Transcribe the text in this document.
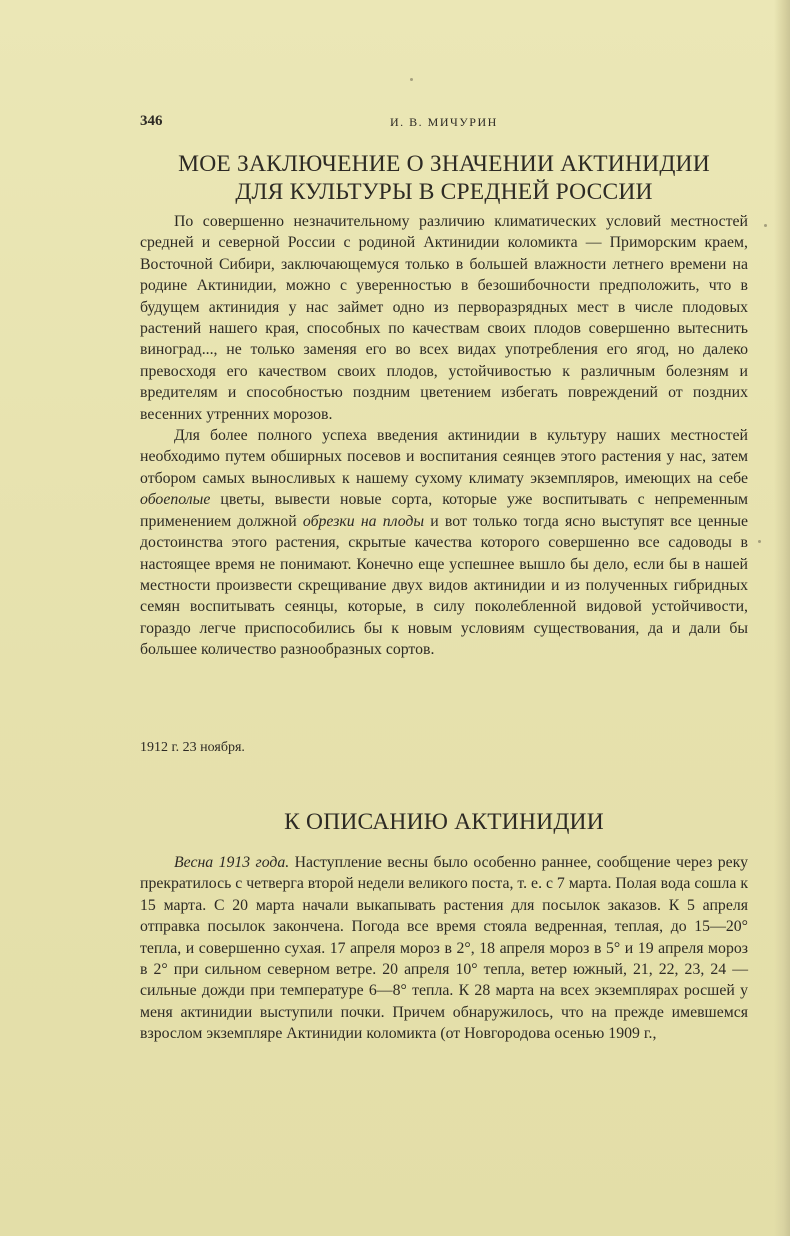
346	И. В. МИЧУРИН
МОЕ ЗАКЛЮЧЕНИЕ О ЗНАЧЕНИИ АКТИНИДИИ
ДЛЯ КУЛЬТУРЫ В СРЕДНЕЙ РОССИИ

По совершенно незначительному различию климатических условий местностей средней и северной России с родиной Актинидии коломикта — Приморским краем, Восточной Сибири, заключающемуся только в большей влажности летнего времени на родине Актинидии, можно с уверенностью в безошибочности предположить, что в будущем актинидия у нас займет одно из перворазрядных мест в числе плодовых растений нашего края, способных по качествам своих плодов совершенно вытеснить виноград..., не только заменяя его во всех видах употребления его ягод, но далеко превосходя его качеством своих плодов, устойчивостью к различным болезням и вредителям и способностью поздним цветением избегать повреждений от поздних весенних утренних морозов.

Для более полного успеха введения актинидии в культуру наших местностей необходимо путем обширных посевов и воспитания сеянцев этого растения у нас, затем отбором самых выносливых к нашему сухому климату экземпляров, имеющих на себе обоеполые цветы, вывести новые сорта, которые уже воспитывать с непременным применением должной обрезки на плоды и вот только тогда ясно выступят все ценные достоинства этого растения, скрытые качества которого совершенно все садоводы в настоящее время не понимают. Конечно еще успешнее вышло бы дело, если бы в нашей местности произвести скрещивание двух видов актинидии и из полученных гибридных семян воспитывать сеянцы, которые, в силу поколебленной видовой устойчивости, гораздо легче приспособились бы к новым условиям существования, да и дали бы большее количество разнообразных сортов.

1912 г. 23 ноября.
К ОПИСАНИЮ АКТИНИДИИ

Весна 1913 года. Наступление весны было особенно раннее, сообщение через реку прекратилось с четверга второй недели великого поста, т. е. с 7 марта. Полая вода сошла к 15 марта. С 20 марта начали выкапывать растения для посылок заказов. К 5 апреля отправка посылок закончена. Погода все время стояла ведренная, теплая, до 15—20° тепла, и совершенно сухая. 17 апреля мороз в 2°, 18 апреля мороз в 5° и 19 апреля мороз в 2° при сильном северном ветре. 20 апреля 10° тепла, ветер южный, 21, 22, 23, 24 — сильные дожди при температуре 6—8° тепла. К 28 марта на всех экземплярах росшей у меня актинидии выступили почки. Причем обнаружилось, что на прежде имевшемся взрослом экземпляре Актинидии коломикта (от Новгородова осенью 1909 г.,
